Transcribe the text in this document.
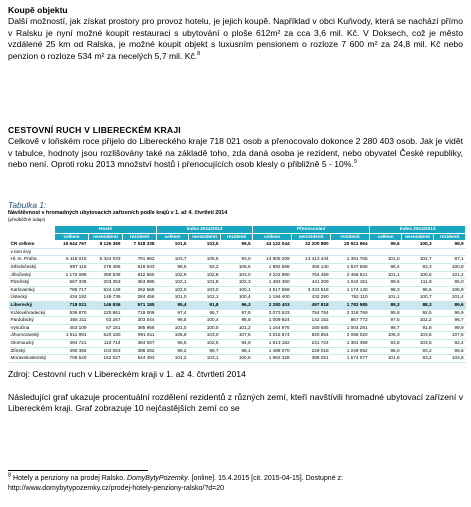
Koupě objektu

Další možností, jak získat prostory pro provoz hotelu, je jejich koupě. Například v obci Kuňvody, která se nachází přímo v Ralsku je nyní možné koupit restauraci s ubytování o ploše 612m² za cca 3,6 mil. Kč. V Doksech, což je město vzdálené 25 km od Ralska, je možné koupit objekt s luxusním pensionem o rozloze 7 600 m² za 24,8 mil. Kč nebo penzion o rozloze 534 m² za necelých 5,7 mil. Kč.$^8$

CESTOVNÍ RUCH V LIBERECKÉM KRAJI

Celkově v loňském roce přijelo do Libereckého kraje 718 021 osob a přenocovalo dokonce 2 280 403 osob. Jak je vidět v tabulce, hodnoty jsou rozlišovány také na základě toho, zda daná osoba je rezident, nebo obyvatel České republiky, nebo není. Oproti roku 2013 množství hostů i přenocujících osob klesly o přibližně 5 - 10%.$^9$

Tabulka 1:
Návštěvnost v hromadných ubytovacích zařízeních podle krajů v 1. až 4. čtvrtletí 2014
(předběžné údaje)
	Hosté			Index 2014/2013			Přenocování			Index 2014/2013		
	celkem	nerezidenti	rezidenti	celkem	nerezidenti	rezidenti	celkem	nerezidenti	rezidenti	celkem	nerezidenti	rezidenti
ČR celkem	15 644 767	8 126 369	7 518 338	101,5	103,5	99,5	43 122 044	22 200 880	20 921 964	99,6	100,3	98,9
v tom kraj												
Hl. m. Praha	6 116 015	5 324 033	791 982	103,7	105,5	93,0	14 805 209	13 413 444	1 391 765	101,0	102,7	87,1
Středočeský	897 118	278 485	619 633	98,5	92,2	106,6	1 992 698	455 140	1 537 558	96,4	83,3	100,8
Jihočeský	1 172 088	359 538	812 550	102,9	102,8	103,0	3 222 980	764 459	2 458 521	101,1	100,6	101,2
Plzeňský	567 339	203 353	363 986	102,1	101,8	102,3	1 483 360	441 209	1 042 151	99,5	111,8	95,0
Karlovarský	786 717	524 149	262 568	102,0	103,0	100,1	4 517 658	3 343 518	1 174 140	98,3	96,6	106,9
Ústecký	434 192	149 736	284 456	101,0	102,1	100,4	1 194 400	432 290	762 110	101,1	100,7	101,4
Liberecký	718 021	146 836	571 185	95,4	91,8	96,3	2 280 403	497 818	1 782 585	89,3	88,3	89,6
Královéhradecký	939 870	220 861	719 009	97,4	95,7	97,9	3 073 533	754 764	2 318 769	95,8	92,5	96,9
Pardubický	356 311	53 267	303 044	96,5	100,4	95,8	1 009 924	142 152	867 772	97,5	102,2	96,7
Vysočina	453 109	67 151	385 958	101,0	100,0	101,2	1 164 976	160 685	1 004 291	98,7	91,8	99,9
Jihomoravský	1 511 991	520 180	991 811	105,9	103,0	107,6	3 016 874	920 854	2 096 020	106,3	103,6	107,6
Olomoucký	494 721	110 714	384 007	96,5	102,5	94,9	1 613 182	231 724	1 381 398	93,8	103,6	92,4
Zlínský	490 355	104 063	386 292	98,2	98,7	98,1	1 488 070	229 018	1 249 052	96,0	93,2	96,6
Moravskoslezský	706 520	162 027	544 493	101,2	103,1	100,6	1 962 328	388 251	1 574 077	101,8	93,2	102,8
Zdroj: Cestovní ruch v Libereckém kraji v 1. až 4. čtvrtletí 2014

Následující graf ukazuje procentuální rozdělení rezidentů z různých zemí, kteří navštívili hromadné ubytovací zařízení v Libereckém kraji. Graf zobrazuje 10 nejčastějších zemí co se

$^8$ Hotely a penziony na prodej Ralsko. DomyBytyPozemky. [online]. 15.4.2015 [cit. 2015-04-15]. Dostupné z: http://www.domybytypozemky.cz/prodej-hotely-penziony-ralsko/?d=20
